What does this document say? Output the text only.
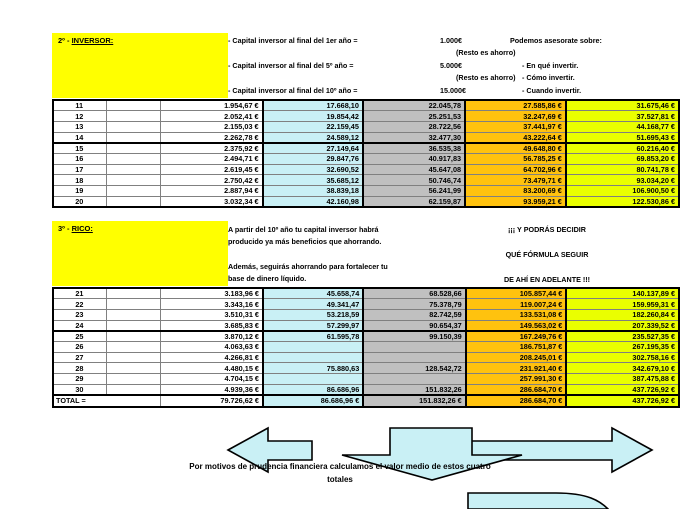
2º - INVERSOR:	- Capital inversor al final del 1er año =
- Capital inversor al final del 5º año =
- Capital inversor al final del 10º año =
1.000€
(Resto es ahorro)
5.000€
(Resto es ahorro)
15.000€
Podemos asesorate sobre:
- En qué invertir.
- Cómo invertir.
- Cuando invertir.
11		1.954,67 €	17.668,10	22.045,78	27.585,86 €	31.675,46 €
12		2.052,41 €	19.854,42	25.251,53	32.247,69 €	37.527,81 €
13		2.155,03 €	22.159,45	28.722,56	37.441,97 €	44.168,77 €
14		2.262,78 €	24.589,12	32.477,30	43.222,64 €	51.695,43 €
15		2.375,92 €	27.149,64	36.535,38	49.648,80 €	60.216,40 €
16		2.494,71 €	29.847,76	40.917,83	56.785,25 €	69.853,20 €
17		2.619,45 €	32.690,52	45.647,08	64.702,96 €	80.741,78 €
18		2.750,42 €	35.685,12	50.746,74	73.479,71 €	93.034,20 €
19		2.887,94 €	38.839,18	56.241,99	83.200,69 €	106.900,50 €
20		3.032,34 €	42.160,98	62.159,87	93.959,21 €	122.530,86 €
3º - RICO:	A partir del 10º año tu capital inversor habrá
producido ya más beneficios que ahorrando.
Además, seguirás ahorrando para fortalecer tu
base de dinero líquido.
¡¡¡ Y PODRÁS DECIDIR
QUÉ FÓRMULA SEGUIR
DE AHÍ EN ADELANTE !!!
21		3.183,96 €	45.658,74	68.528,66	105.857,44 €	140.137,89 €
22		3.343,16 €	49.341,47	75.378,79	119.007,24 €	159.959,31 €
23		3.510,31 €	53.218,59	82.742,59	133.531,08 €	182.260,84 €
24		3.685,83 €	57.299,97	90.654,37	149.563,02 €	207.339,52 €
25		3.870,12 €	61.595,78	99.150,39	167.249,76 €	235.527,35 €
26		4.063,63 €			186.751,87 €	267.195,35 €
27		4.266,81 €			208.245,01 €	302.758,16 €
28		4.480,15 €	75.880,63	128.542,72	231.921,40 €	342.679,10 €
29		4.704,15 €			257.991,30 €	387.475,88 €
30		4.939,36 €	86.686,96	151.832,26	286.684,70 €	437.726,92 €
TOTAL =		79.726,62 €	86.686,96 €	151.832,26 €	286.684,70 €	437.726,92 €
Por motivos de prudencia financiera calculamos el valor medio de estos cuatro
totales
